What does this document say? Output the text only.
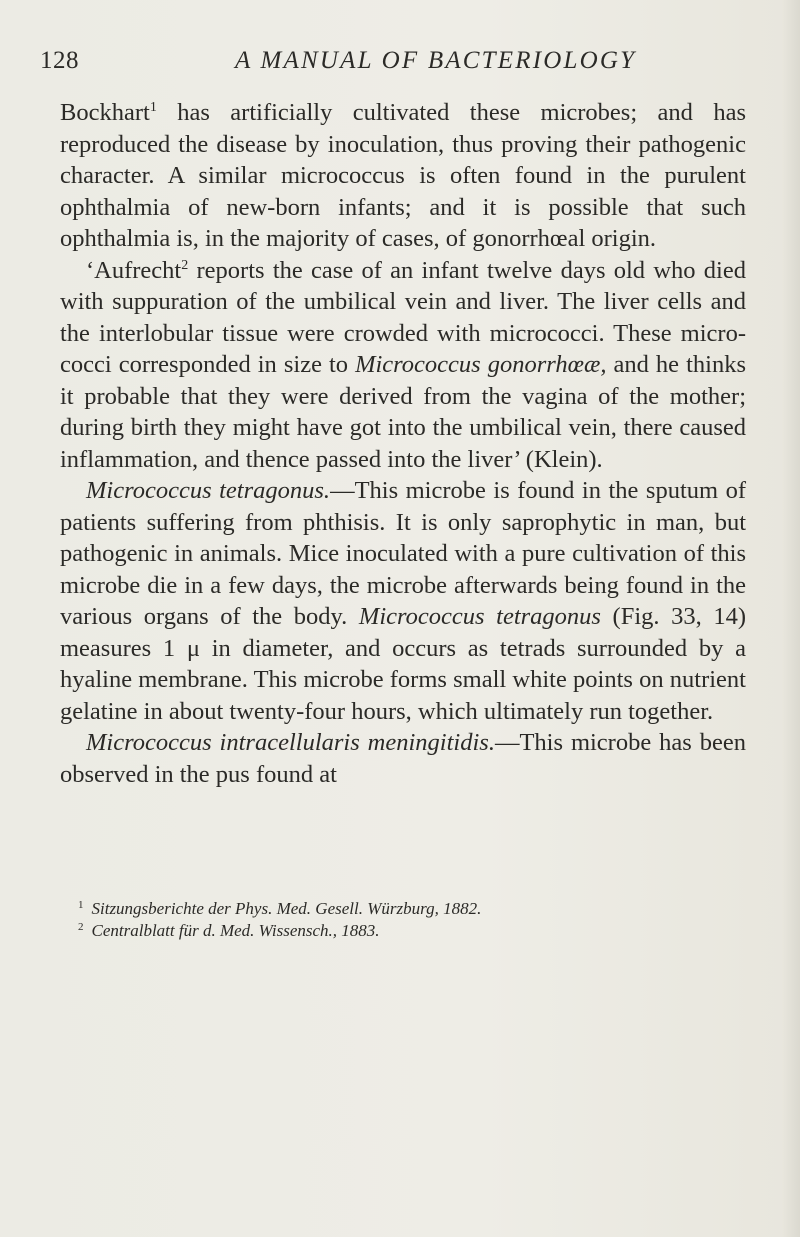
128	A MANUAL OF BACTERIOLOGY

Bockhart$^1$ has artificially cultivated these microbes; and has reproduced the disease by inoculation, thus proving their pathogenic character. A similar micrococcus is often found in the purulent ophthalmia of new-born infants; and it is possible that such ophthalmia is, in the majority of cases, of gonorrhœal origin.

‘Aufrecht$^2$ reports the case of an infant twelve days old who died with suppuration of the umbilical vein and liver. The liver cells and the interlobular tissue were crowded with micrococci. These micrococci corresponded in size to Micrococcus gonorrhœæ, and he thinks it probable that they were derived from the vagina of the mother; during birth they might have got into the umbilical vein, there caused inflammation, and thence passed into the liver’ (Klein).

Micrococcus tetragonus.—This microbe is found in the sputum of patients suffering from phthisis. It is only saprophytic in man, but pathogenic in animals. Mice inoculated with a pure cultivation of this microbe die in a few days, the microbe afterwards being found in the various organs of the body. Micrococcus tetragonus (Fig. 33, 14) measures 1 μ in diameter, and occurs as tetrads surrounded by a hyaline membrane. This microbe forms small white points on nutrient gelatine in about twenty-four hours, which ultimately run together.

Micrococcus intracellularis meningitidis.—This microbe has been observed in the pus found at

$^1$ Sitzungsberichte der Phys. Med. Gesell. Würzburg, 1882.

$^2$ Centralblatt für d. Med. Wissensch., 1883.
